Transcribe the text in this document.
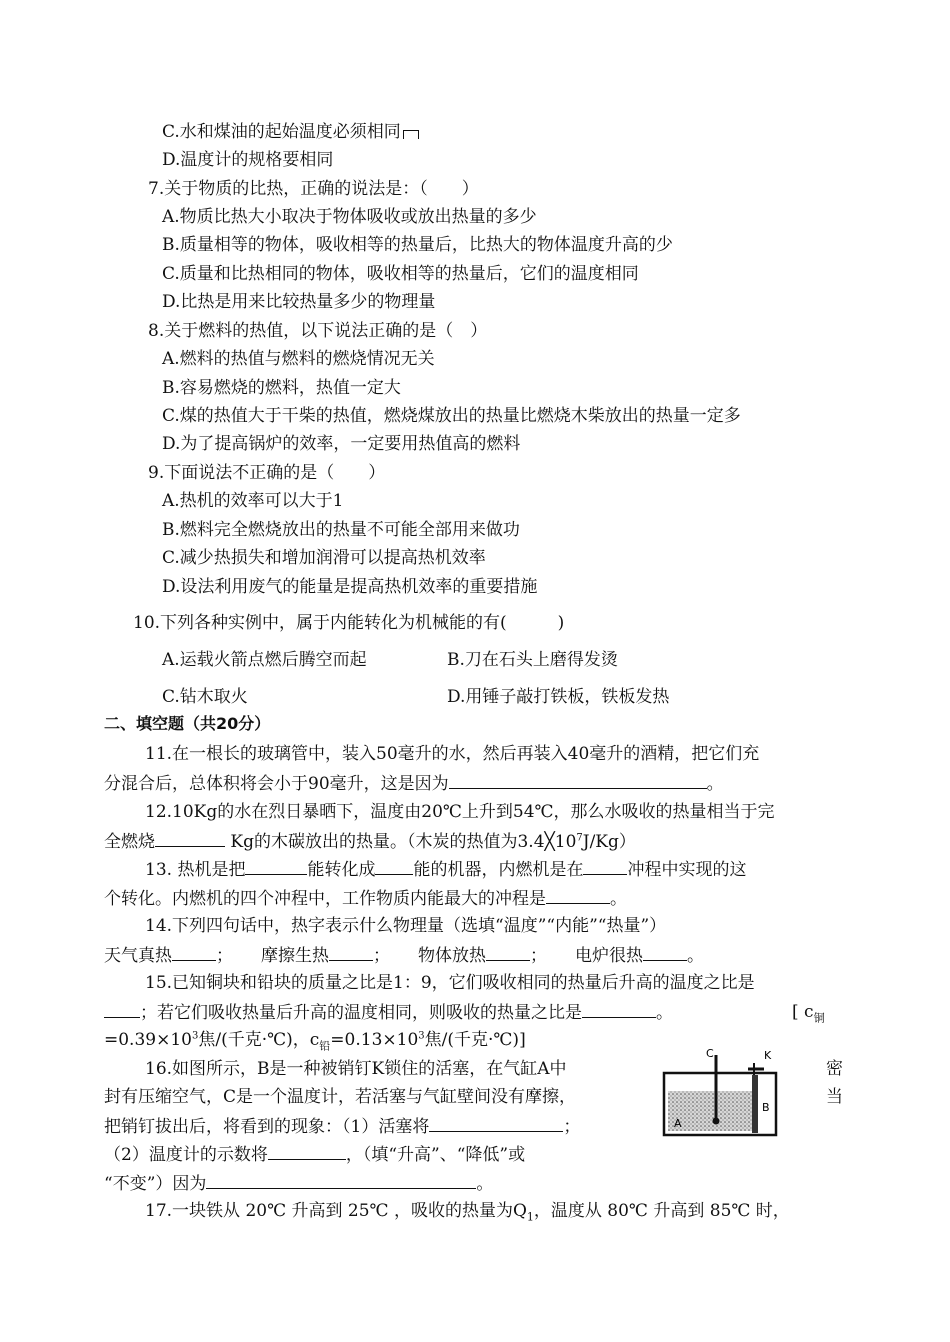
C.水和煤油的起始温度必须相同
D.温度计的规格要相同
7.关于物质的比热，正确的说法是：（　　）
A.物质比热大小取决于物体吸收或放出热量的多少
B.质量相等的物体，吸收相等的热量后，比热大的物体温度升高的少
C.质量和比热相同的物体，吸收相等的热量后，它们的温度相同
D.比热是用来比较热量多少的物理量
8.关于燃料的热值，以下说法正确的是（　）
A.燃料的热值与燃料的燃烧情况无关
B.容易燃烧的燃料，热值一定大
C.煤的热值大于干柴的热值，燃烧煤放出的热量比燃烧木柴放出的热量一定多
D.为了提高锅炉的效率，一定要用热值高的燃料
9.下面说法不正确的是（　　）
A.热机的效率可以大于1
B.燃料完全燃烧放出的热量不可能全部用来做功
C.减少热损失和增加润滑可以提高热机效率
D.设法利用废气的能量是提高热机效率的重要措施
10.下列各种实例中，属于内能转化为机械能的有(　　　)
A.运载火箭点燃后腾空而起	B.刀在石头上磨得发烫
C.钻木取火	D.用锤子敲打铁板，铁板发热
二、填空题（共20分）
11.在一根长的玻璃管中，装入50毫升的水，然后再装入40毫升的酒精，把它们充
分混合后，总体积将会小于90毫升，这是因为	。
12.10Kg的水在烈日暴晒下，温度由20℃上升到54℃，那么水吸收的热量相当于完
全燃烧	Kg的木碳放出的热量。（木炭的热值为$3.4╳10^7J/Kg$）
13. 热机是把	能转化成 能的机器，内燃机是在	冲程中实现的这
个转化。内燃机的四个冲程中，工作物质内能最大的冲程是	。
14.下列四句话中，热字表示什么物理量（选填“温度”“内能”“热量”）
天气真热	； 摩擦生热	； 物体放热	； 电炉很热	。
15.已知铜块和铅块的质量之比是1：9，它们吸收相同的热量后升高的温度之比是
；若它们吸收热量后升高的温度相同，则吸收的热量之比是	。	[ $c_铜$
$=0.39\times 10^3$焦/(千克·℃)，$c_铅=0.13\times 10^3$焦/(千克·℃)]
16.如图所示，B是一种被销钉K锁住的活塞，在气缸A中	密
封有压缩空气，C是一个温度计，若活塞与气缸壁间没有摩擦，	当
把销钉拔出后，将看到的现象：（1）活塞将	；
（2）温度计的示数将	，（填“升高”、“降低”或
“不变”）因为	。
C	K
A
B
17.一块铁从 20℃ 升高到 25℃ ，吸收的热量为$Q_1$，温度从 80℃ 升高到 85℃ 时，
